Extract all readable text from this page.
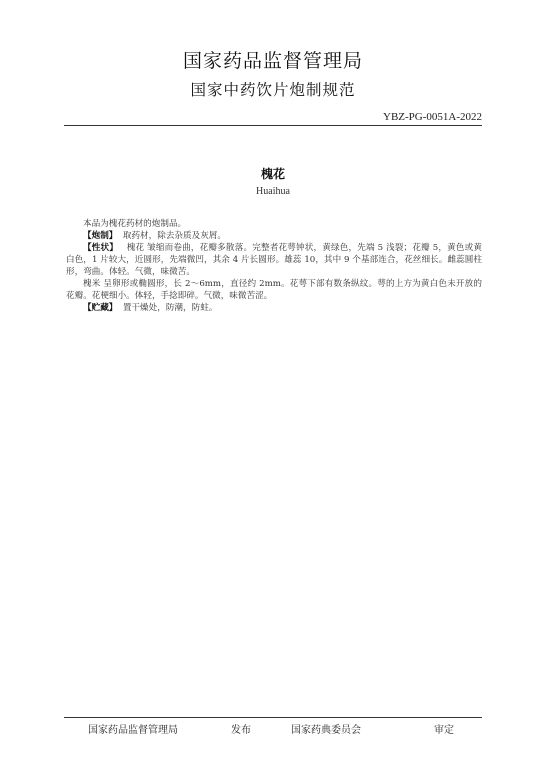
国家药品监督管理局
国家中药饮片炮制规范
YBZ-PG-0051A-2022
槐花
Huaihua

本品为槐花药材的炮制品。

【炮制】 取药材，除去杂质及灰屑。

【性状】 槐花 皱缩而卷曲，花瓣多散落。完整者花萼钟状，黄绿色，先端 5 浅裂；花瓣 5，黄色或黄白色，1 片较大，近圆形，先端微凹，其余 4 片长圆形。雄蕊 10，其中 9 个基部连合，花丝细长。雌蕊圆柱形，弯曲。体轻。气微，味微苦。

槐米 呈卵形或椭圆形，长 2～6mm，直径约 2mm。花萼下部有数条纵纹。萼的上方为黄白色未开放的花瓣。花梗细小。体轻，手捻即碎。气微，味微苦涩。

【贮藏】 置干燥处，防潮，防蛀。

国家药品监督管理局	发布	国家药典委员会	审定
